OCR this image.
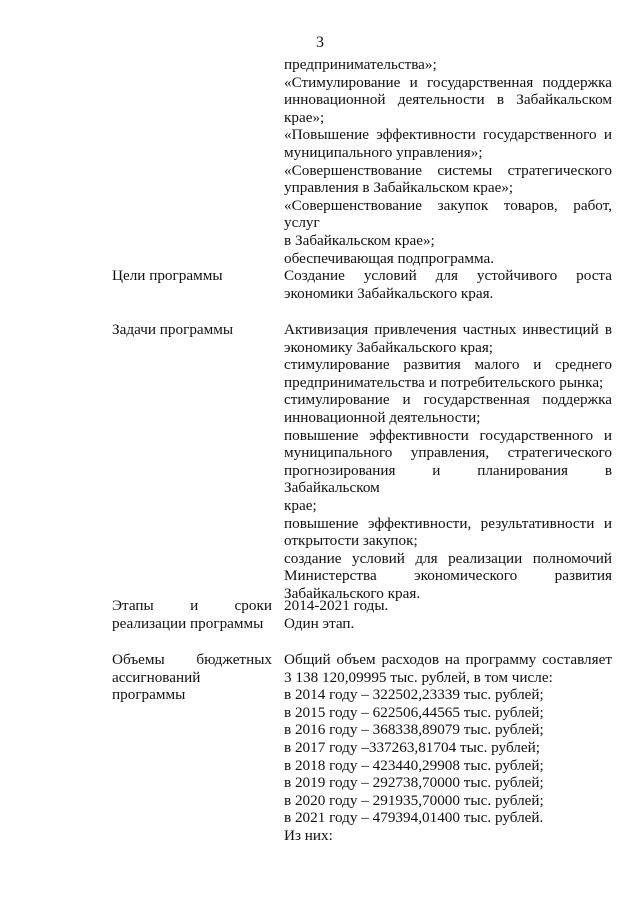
3
предпринимательства»;
«Стимулирование и государственная поддержка
инновационной деятельности в Забайкальском
крае»;
«Повышение эффективности государственного и
муниципального управления»;
«Совершенствование системы стратегического
управления в Забайкальском крае»;
«Совершенствование закупок товаров, работ, услуг
в Забайкальском крае»;
обеспечивающая подпрограмма.

Цели программы	Создание условий для устойчивого роста
экономики Забайкальского края.

Задачи программы	Активизация привлечения частных инвестиций в
экономику Забайкальского края;
стимулирование развития малого и среднего
предпринимательства и потребительского рынка;
стимулирование и государственная поддержка
инновационной деятельности;
повышение эффективности государственного и
муниципального управления, стратегического
прогнозирования и планирования в Забайкальском
крае;
повышение эффективности, результативности и
открытости закупок;
создание условий для реализации полномочий
Министерства экономического развития
Забайкальского края.

Этапы и сроки

реализации программы

2014-2021 годы.
Один этап.

Объемы бюджетных

ассигнований

программы

Общий объем расходов на программу составляет
3 138 120,09995 тыс. рублей, в том числе:
в 2014 году – 322502,23339 тыс. рублей;
в 2015 году – 622506,44565 тыс. рублей;
в 2016 году – 368338,89079 тыс. рублей;
в 2017 году –337263,81704 тыс. рублей;
в 2018 году – 423440,29908 тыс. рублей;
в 2019 году – 292738,70000 тыс. рублей;
в 2020 году – 291935,70000 тыс. рублей;
в 2021 году – 479394,01400 тыс. рублей.
Из них:
